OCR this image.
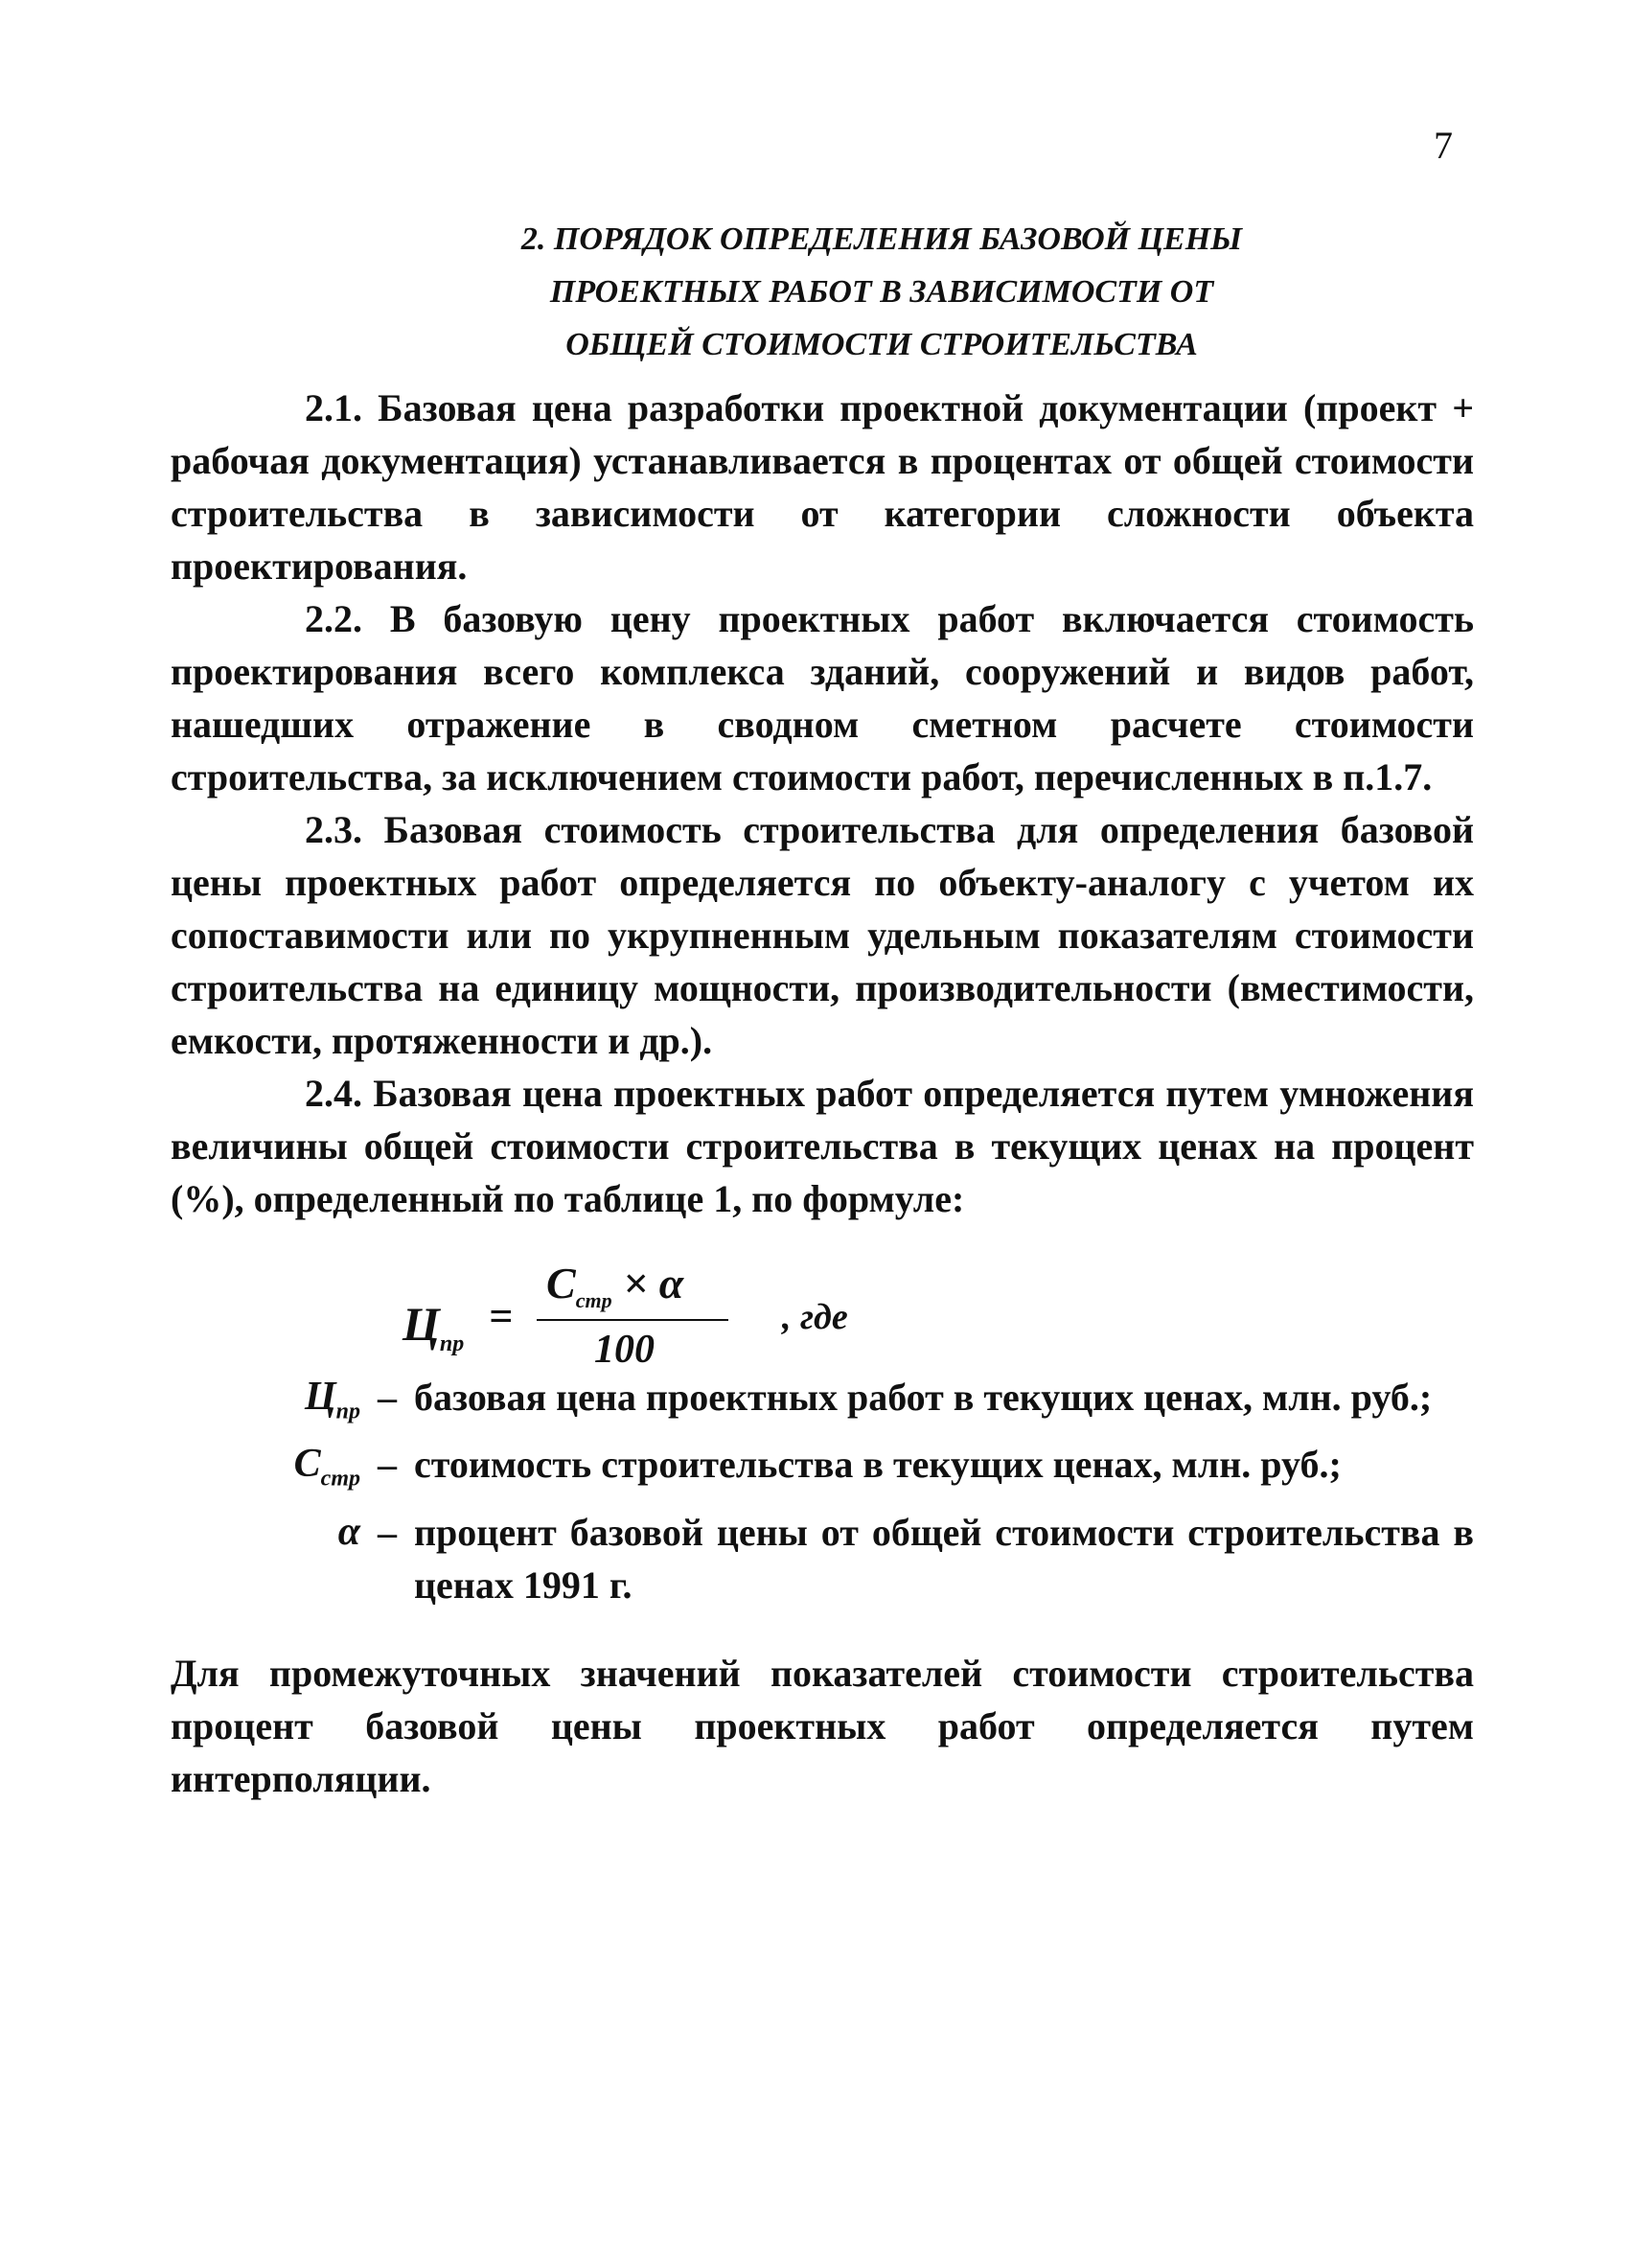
7
2. ПОРЯДОК ОПРЕДЕЛЕНИЯ БАЗОВОЙ ЦЕНЫ
ПРОЕКТНЫХ РАБОТ В ЗАВИСИМОСТИ ОТ
ОБЩЕЙ СТОИМОСТИ СТРОИТЕЛЬСТВА

2.1. Базовая цена разработки проектной документации (проект + рабочая документация) устанавливается в процентах от общей стоимости строительства в зависимости от категории сложности объекта проектирования.

2.2. В базовую цену проектных работ включается стоимость проектирования всего комплекса зданий, сооружений и видов работ, нашедших отражение в сводном сметном расчете стоимости строительства, за исключением стоимости работ, перечисленных в п.1.7.

2.3. Базовая стоимость строительства для определения базовой цены проектных работ определяется по объекту-аналогу с учетом их сопоставимости или по укрупненным удельным показателям стоимости строительства на единицу мощности, производительности (вместимости, емкости, протяженности и др.).

2.4. Базовая цена проектных работ определяется путем умножения величины общей стоимости строительства в текущих ценах на процент (%), определенный по таблице 1, по формуле:

$Ц_{пр}$
=
$С_{стр} \times \alpha$
100
, где
$Ц_{пр}$ – базовая цена проектных работ в текущих ценах, млн. руб.;
$С_{стр}$ – стоимость строительства в текущих ценах, млн. руб.;
α – процент базовой цены от общей стоимости строительства в ценах 1991 г.
Для промежуточных значений показателей стоимости строительства процент базовой цены проектных работ определяется путем интерполяции.
